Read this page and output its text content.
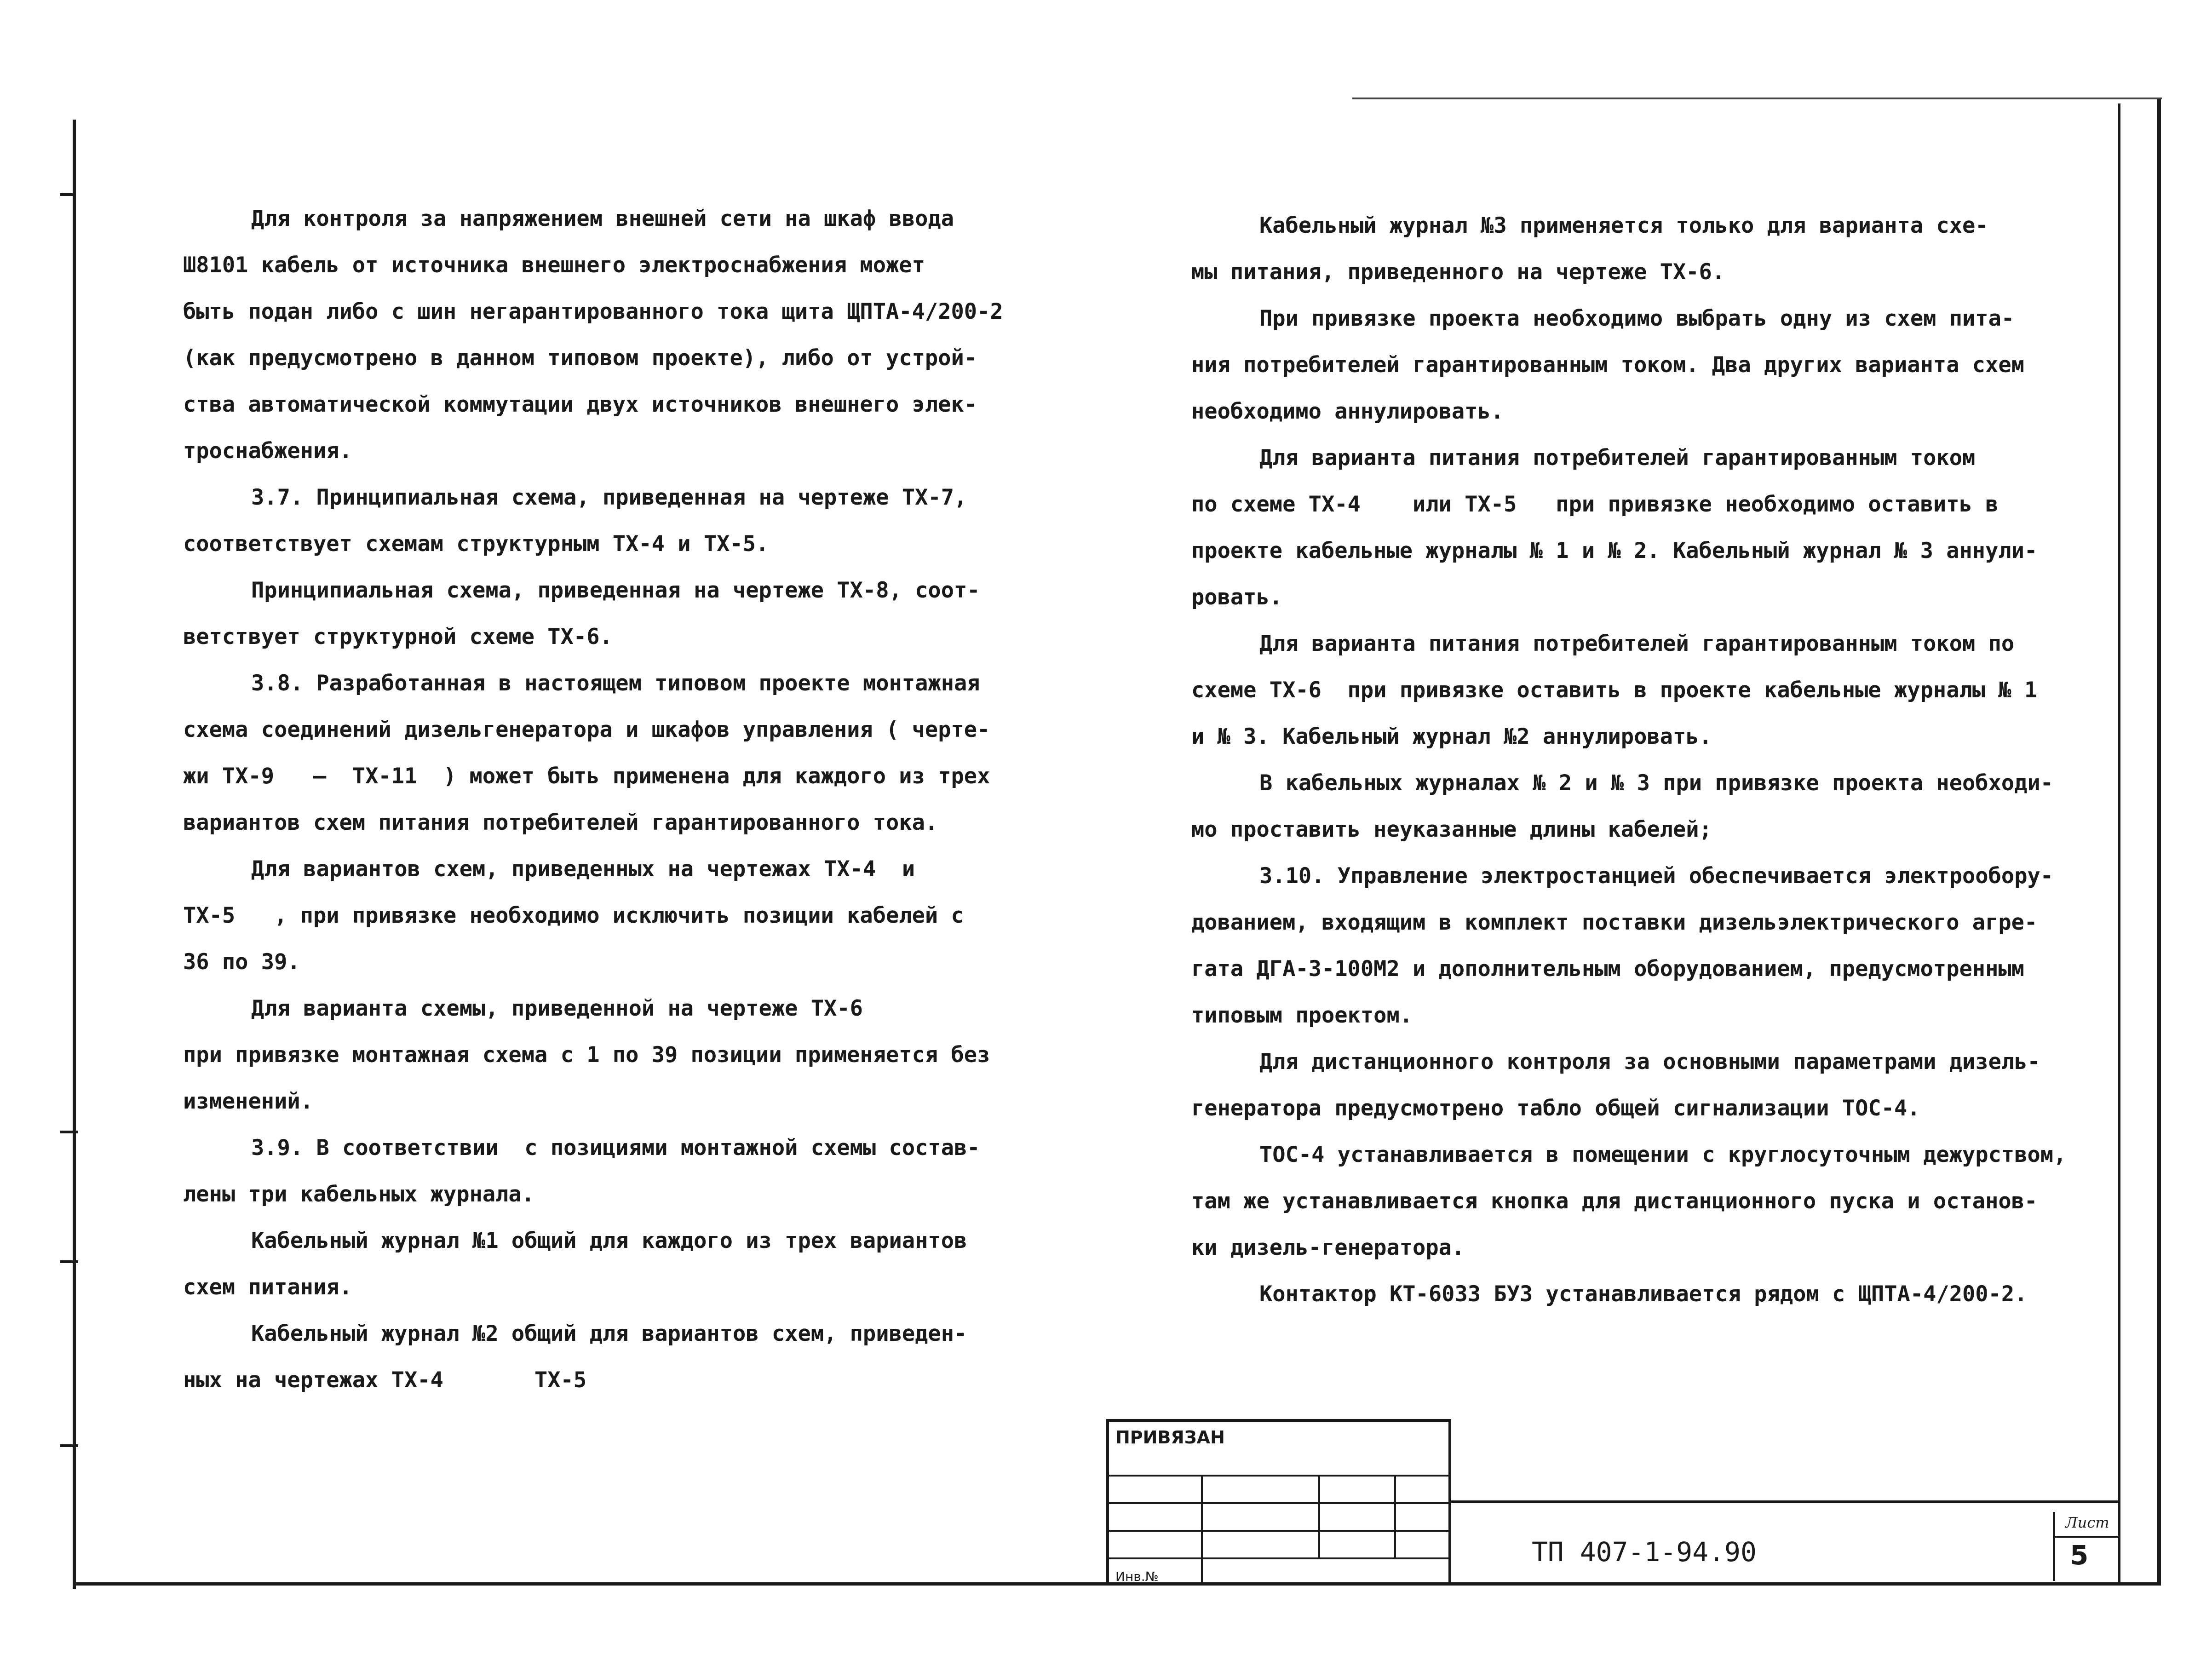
Для контроля за напряжением внешней сети на шкаф ввода

Ш8101 кабель от источника внешнего электроснабжения может

быть подан либо с шин негарантированного тока щита ЩПТА-4/200-2

(как предусмотрено в данном типовом проекте), либо от устрой-

ства автоматической коммутации двух источников внешнего элек-

троснабжения.

3.7. Принципиальная схема, приведенная на чертеже ТХ-7,

соответствует схемам структурным ТХ-4 и ТХ-5.

Принципиальная схема, приведенная на чертеже ТХ-8, соот-

ветствует структурной схеме ТХ-6.

3.8. Разработанная в настоящем типовом проекте монтажная

схема соединений дизельгенератора и шкафов управления ( черте-

жи ТХ-9   –  ТХ-11  ) может быть применена для каждого из трех

вариантов схем питания потребителей гарантированного тока.

Для вариантов схем, приведенных на чертежах ТХ-4  и

ТХ-5   , при привязке необходимо исключить позиции кабелей с

36 по 39.

Для варианта схемы, приведенной на чертеже ТХ-6

при привязке монтажная схема с 1 по 39 позиции применяется без

изменений.

3.9. В соответствии  с позициями монтажной схемы состав-

лены три кабельных журнала.

Кабельный журнал №1 общий для каждого из трех вариантов

схем питания.

Кабельный журнал №2 общий для вариантов схем, приведен-

ных на чертежах ТХ-4       ТХ-5

Кабельный журнал №3 применяется только для варианта схе-

мы питания, приведенного на чертеже ТХ-6.

При привязке проекта необходимо выбрать одну из схем пита-

ния потребителей гарантированным током. Два других варианта схем

необходимо аннулировать.

Для варианта питания потребителей гарантированным током

по схеме ТХ-4    или ТХ-5   при привязке необходимо оставить в

проекте кабельные журналы № 1 и № 2. Кабельный журнал № 3 аннули-

ровать.

Для варианта питания потребителей гарантированным током по

схеме ТХ-6  при привязке оставить в проекте кабельные журналы № 1

и № 3. Кабельный журнал №2 аннулировать.

В кабельных журналах № 2 и № 3 при привязке проекта необходи-

мо проставить неуказанные длины кабелей;

3.10. Управление электростанцией обеспечивается электрообору-

дованием, входящим в комплект поставки дизельэлектрического агре-

гата ДГА-3-100М2 и дополнительным оборудованием, предусмотренным

типовым проектом.

Для дистанционного контроля за основными параметрами дизель-

генератора предусмотрено табло общей сигнализации ТОС-4.

ТОС-4 устанавливается в помещении с круглосуточным дежурством,

там же устанавливается кнопка для дистанционного пуска и останов-

ки дизель-генератора.

Контактор КТ-6033 БУЗ устанавливается рядом с ЩПТА-4/200-2.

ПРИВЯЗАН
Инв.№
ТП 407-1-94.90
Лист
5
